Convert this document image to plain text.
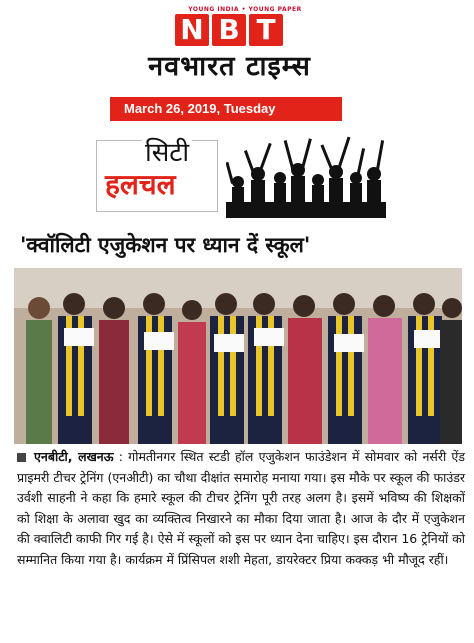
YOUNG INDIA • YOUNG PAPER
N B T
नवभारत टाइम्स
March 26, 2019, Tuesday
सिटी
हलचल
'क्वॉलिटी एजुकेशन पर ध्यान दें स्कूल'
एनबीटी, लखनऊ : गोमतीनगर स्थित स्टडी हॉल एजुकेशन फाउंडेशन में सोमवार को नर्सरी ऐंड प्राइमरी टीचर ट्रेनिंग (एनअीटी) का चौथा दीक्षांत समारोह मनाया गया। इस मौके पर स्कूल की फाउंडर उर्वशी साहनी ने कहा कि हमारे स्कूल की टीचर ट्रेनिंग पूरी तरह अलग है। इसमें भविष्य की शिक्षकों को शिक्षा के अलावा खुद का व्यक्तित्व निखारने का मौका दिया जाता है। आज के दौर में एजुकेशन की क्वालिटी काफी गिर गई है। ऐसे में स्कूलों को इस पर ध्यान देना चाहिए। इस दौरान 16 ट्रेनियों को सम्मानित किया गया है। कार्यक्रम में प्रिंसिपल शशी मेहता, डायरेक्टर प्रिया कक्कड़ भी मौजूद रहीं।
